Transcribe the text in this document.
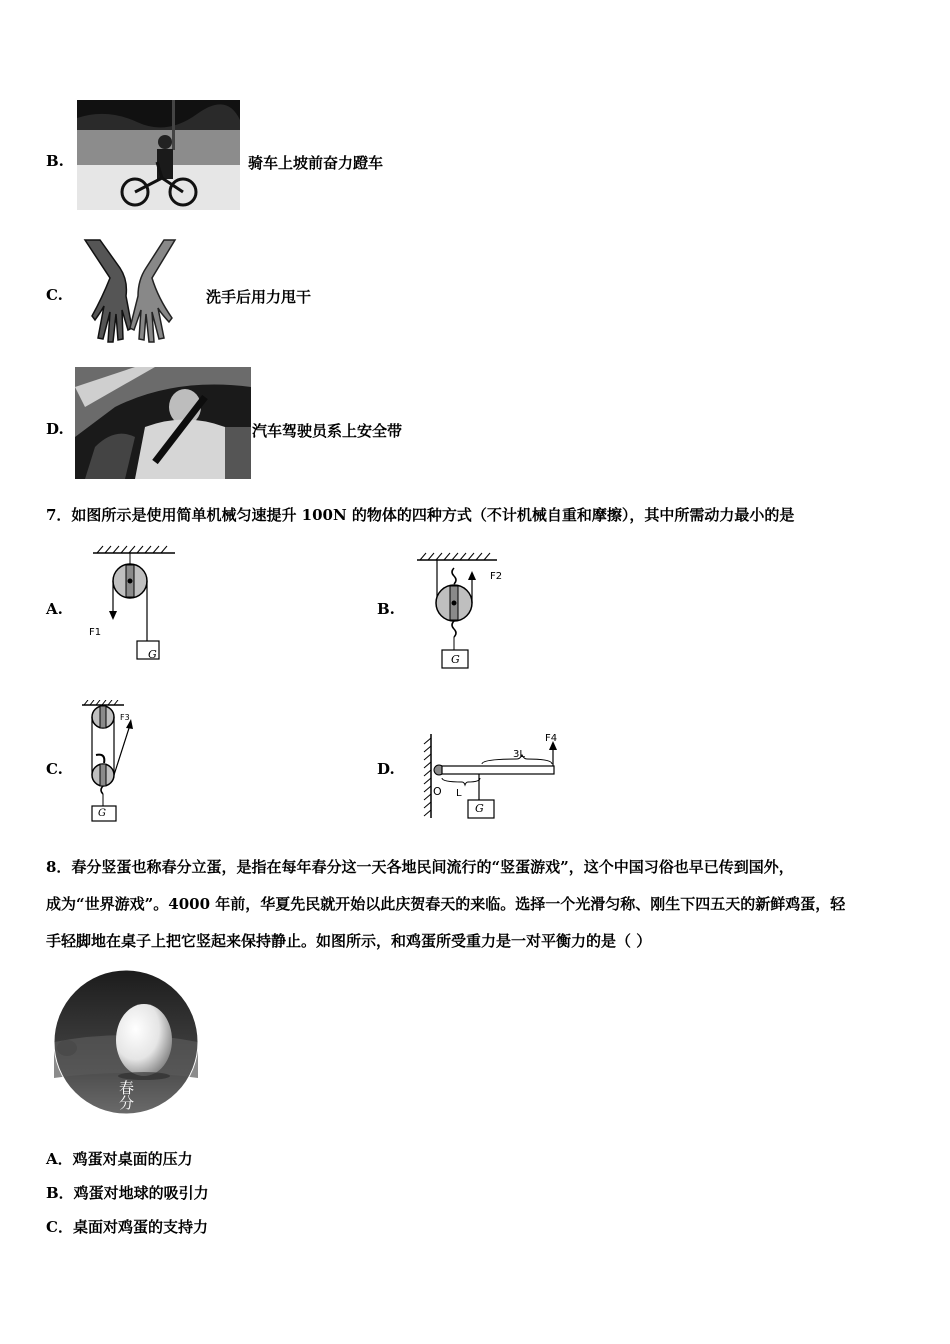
B.	骑车上坡前奋力蹬车
C.	洗手后用力甩干
D.	汽车驾驶员系上安全带
7．如图所示是使用简单机械匀速提升 100N 的物体的四种方式（不计机械自重和摩擦），其中所需动力最小的是
A.
F1
G
B.
F2
G
C.
F3
G
D.
F4
3L
O L
G
8．春分竖蛋也称春分立蛋，是指在每年春分这一天各地民间流行的“竖蛋游戏”，这个中国习俗也早已传到国外，
成为“世界游戏”。4000 年前，华夏先民就开始以此庆贺春天的来临。选择一个光滑匀称、刚生下四五天的新鲜鸡蛋，轻
手轻脚地在桌子上把它竖起来保持静止。如图所示，和鸡蛋所受重力是一对平衡力的是（ ）
春分
A．鸡蛋对桌面的压力
B．鸡蛋对地球的吸引力
C．桌面对鸡蛋的支持力
